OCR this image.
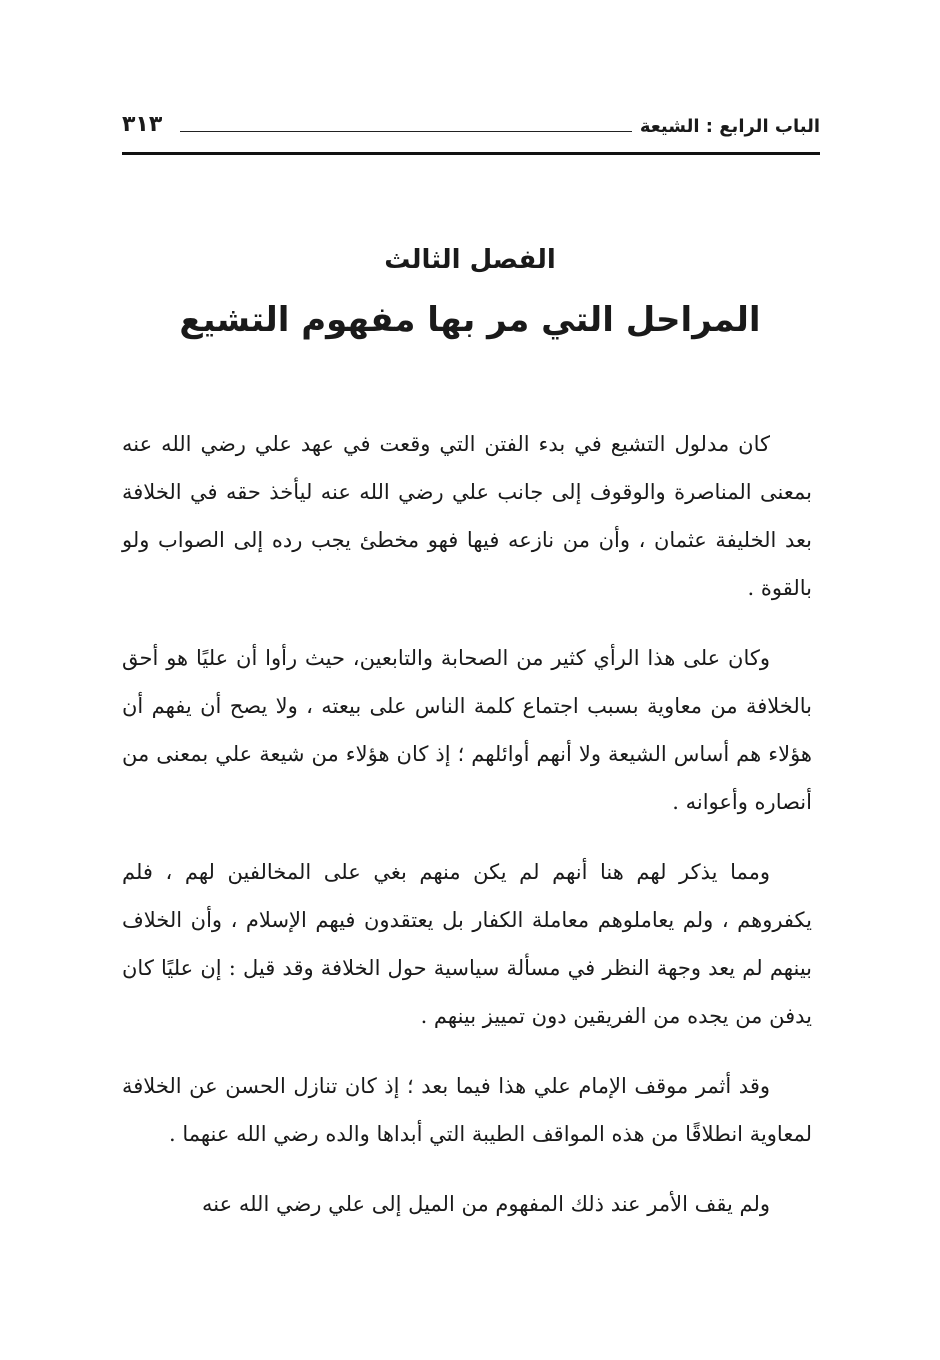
الباب الرابع : الشيعة
٣١٣
الفصل الثالث
المراحل التي مر بها مفهوم التشيع

كان مدلول التشيع في بدء الفتن التي وقعت في عهد علي رضي الله عنه بمعنى المناصرة والوقوف إلى جانب علي رضي الله عنه ليأخذ حقه في الخلافة بعد الخليفة عثمان ، وأن من نازعه فيها فهو مخطئ يجب رده إلى الصواب ولو بالقوة .

وكان على هذا الرأي كثير من الصحابة والتابعين، حيث رأوا أن عليًا هو أحق بالخلافة من معاوية بسبب اجتماع كلمة الناس على بيعته ، ولا يصح أن يفهم أن هؤلاء هم أساس الشيعة ولا أنهم أوائلهم ؛ إذ كان هؤلاء من شيعة علي بمعنى من أنصاره وأعوانه .

ومما يذكر لهم هنا أنهم لم يكن منهم بغي على المخالفين لهم ، فلم يكفروهم ، ولم يعاملوهم معاملة الكفار بل يعتقدون فيهم الإسلام ، وأن الخلاف بينهم لم يعد وجهة النظر في مسألة سياسية حول الخلافة وقد قيل : إن عليًا كان يدفن من يجده من الفريقين دون تمييز بينهم .

وقد أثمر موقف الإمام علي هذا فيما بعد ؛ إذ كان تنازل الحسن عن الخلافة لمعاوية انطلاقًا من هذه المواقف الطيبة التي أبداها والده رضي الله عنهما .

ولم يقف الأمر عند ذلك المفهوم من الميل إلى علي رضي الله عنه
